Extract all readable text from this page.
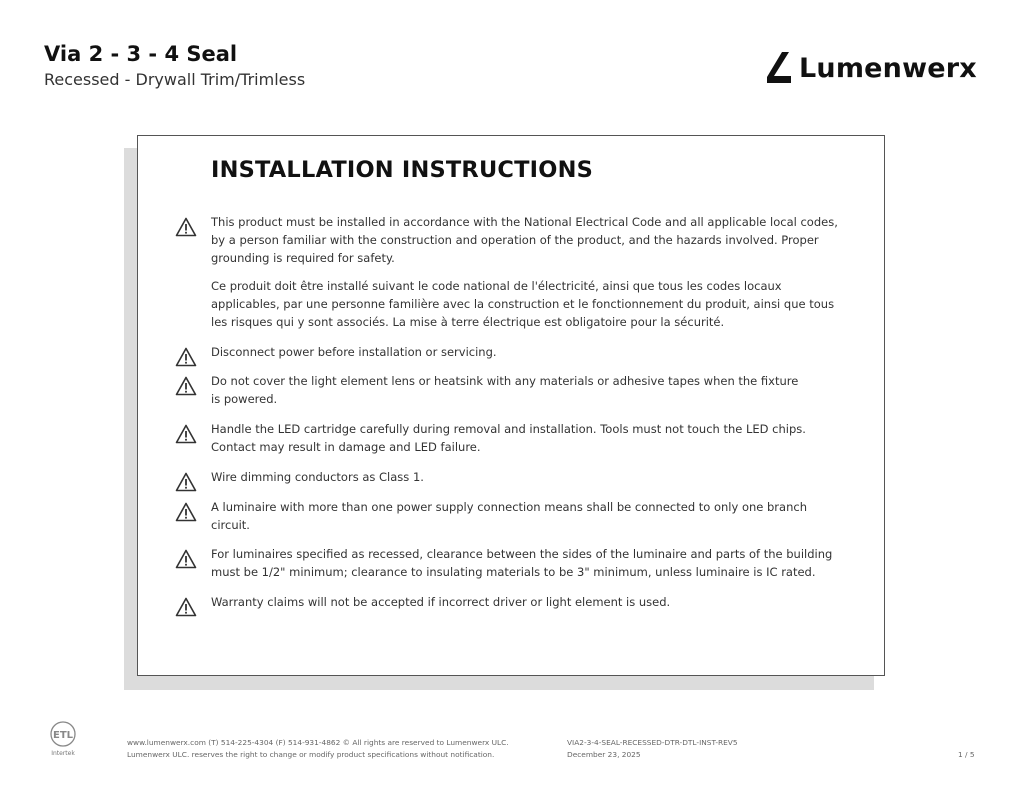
Via 2 - 3 - 4 Seal
Recessed - Drywall Trim/Trimless	Lumenwerx
INSTALLATION INSTRUCTIONS
This product must be installed in accordance with the National Electrical Code and all applicable local codes, by a person familiar with the construction and operation of the product, and the hazards involved. Proper grounding is required for safety.
Ce produit doit être installé suivant le code national de l'électricité, ainsi que tous les codes locaux applicables, par une personne familière avec la construction et le fonctionnement du produit, ainsi que tous les risques qui y sont associés. La mise à terre électrique est obligatoire pour la sécurité.
Disconnect power before installation or servicing.
Do not cover the light element lens or heatsink with any materials or adhesive tapes when the fixture is powered.
Handle the LED cartridge carefully during removal and installation. Tools must not touch the LED chips. Contact may result in damage and LED failure.
Wire dimming conductors as Class 1.
A luminaire with more than one power supply connection means shall be connected to only one branch circuit.
For luminaires specified as recessed, clearance between the sides of the luminaire and parts of the building must be 1/2" minimum; clearance to insulating materials to be 3" minimum, unless luminaire is IC rated.
Warranty claims will not be accepted if incorrect driver or light element is used.
ETL
Intertek
www.lumenwerx.com (T) 514-225-4304 (F) 514-931-4862 © All rights are reserved to Lumenwerx ULC.
Lumenwerx ULC. reserves the right to change or modify product specifications without notification.
VIA2-3-4-SEAL-RECESSED-DTR-DTL-INST-REV5
December 23, 2025	1 / 5
